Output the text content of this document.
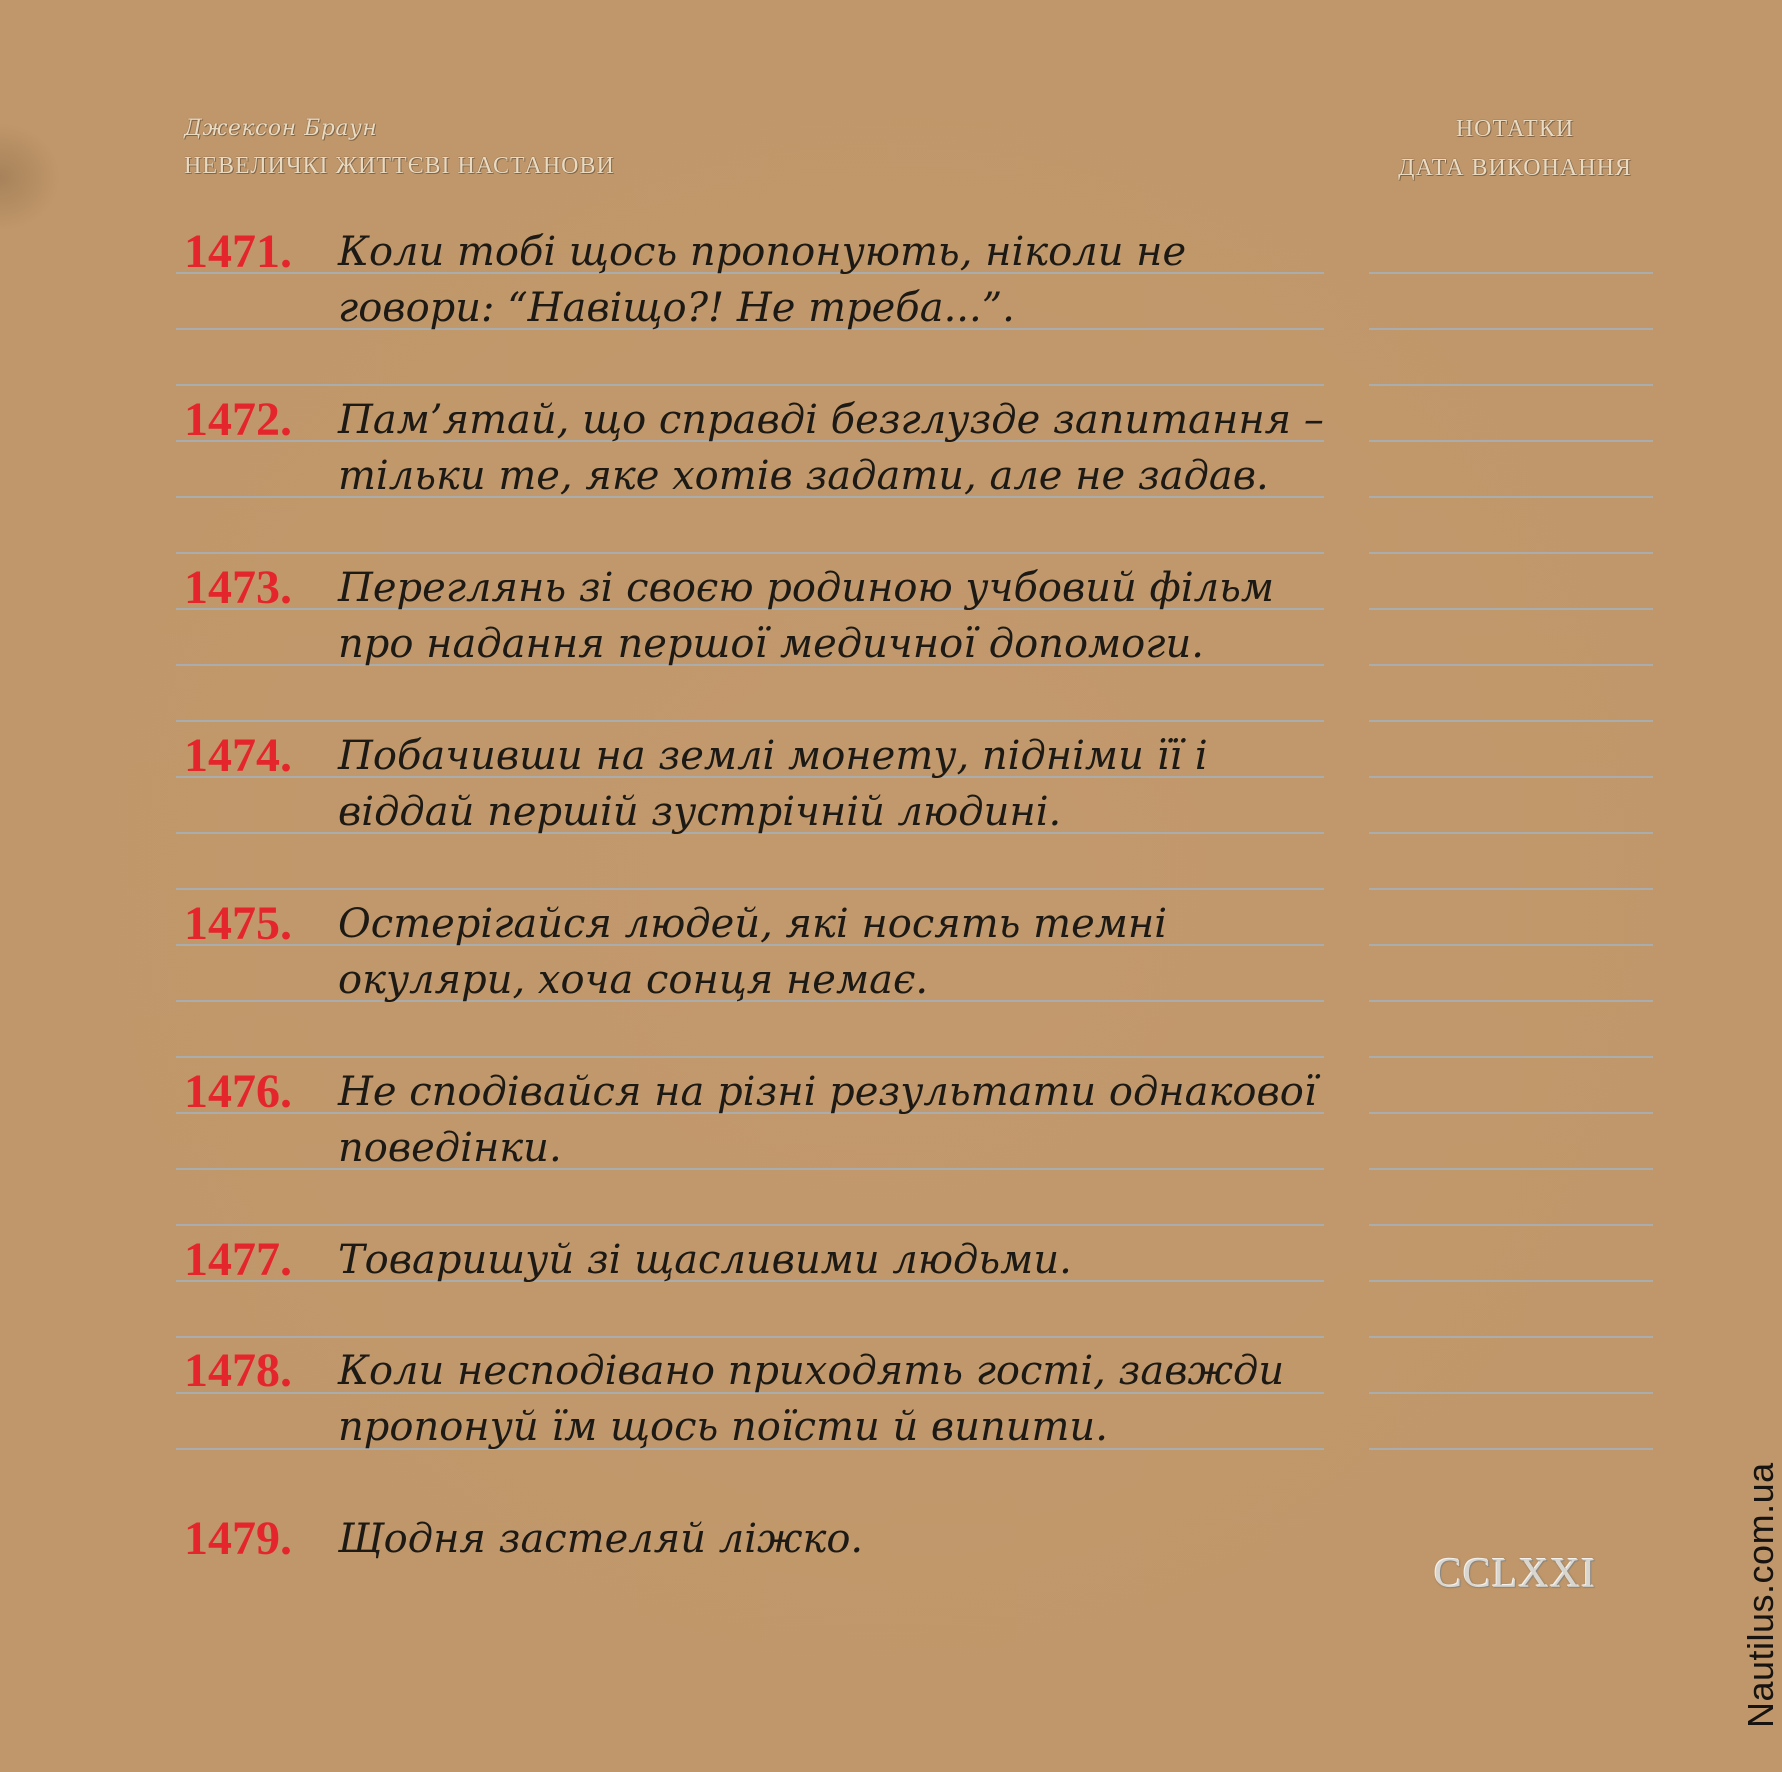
Джексон Браун
НЕВЕЛИЧКІ ЖИТТЄВІ НАСТАНОВИ
НОТАТКИ
ДАТА ВИКОНАННЯ
1471. Коли тобі щось пропонують, ніколи не
говори: “Навіщо?! Не треба...”.
1472. Пам’ятай, що справді безглузде запитання –
тільки те, яке хотів задати, але не задав.
1473. Переглянь зі своєю родиною учбовий фільм
про надання першої медичної допомоги.
1474. Побачивши на землі монету, підніми її і
віддай першій зустрічній людині.
1475. Остерігайся людей, які носять темні
окуляри, хоча сонця немає.
1476. Не сподівайся на різні результати однакової
поведінки.
1477. Товаришуй зі щасливими людьми.
1478. Коли несподівано приходять гості, завжди
пропонуй їм щось поїсти й випити.
1479. Щодня застеляй ліжко.
CCLXXI	Nautilus.com.ua
